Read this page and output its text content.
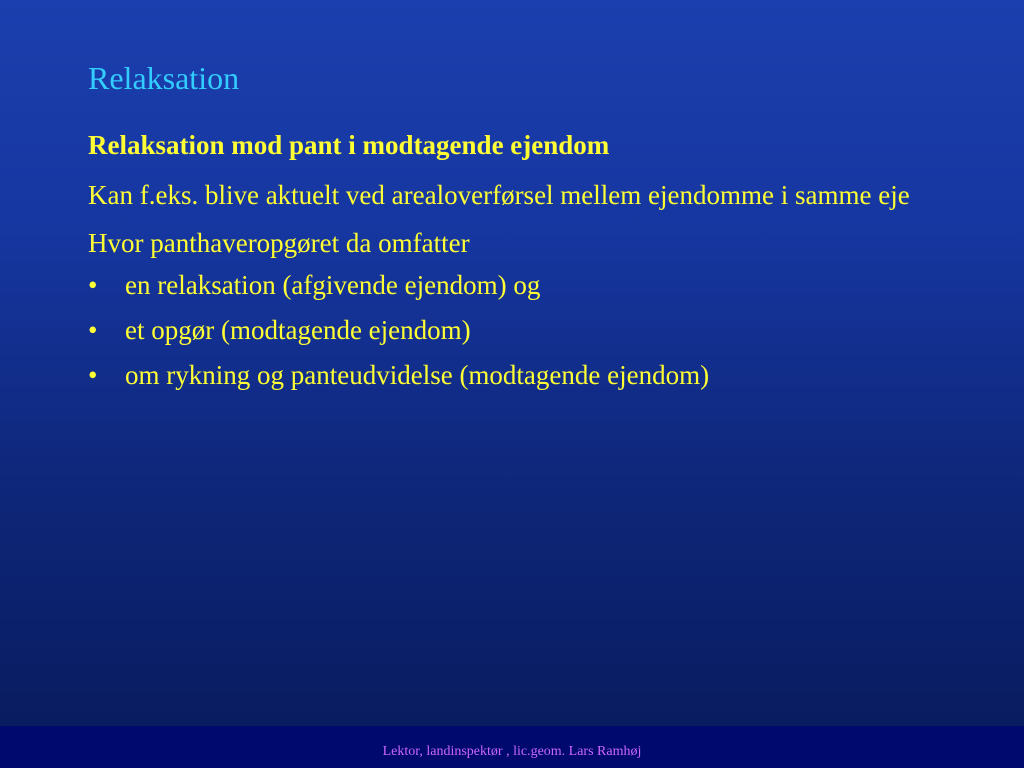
Relaksation
Relaksation mod pant i modtagende ejendom
Kan f.eks. blive aktuelt ved arealoverførsel mellem ejendomme i samme eje
Hvor panthaveropgøret da omfatter
• en relaksation (afgivende ejendom) og
• et opgør (modtagende ejendom)
• om rykning og panteudvidelse (modtagende ejendom)
Lektor, landinspektør , lic.geom. Lars Ramhøj
